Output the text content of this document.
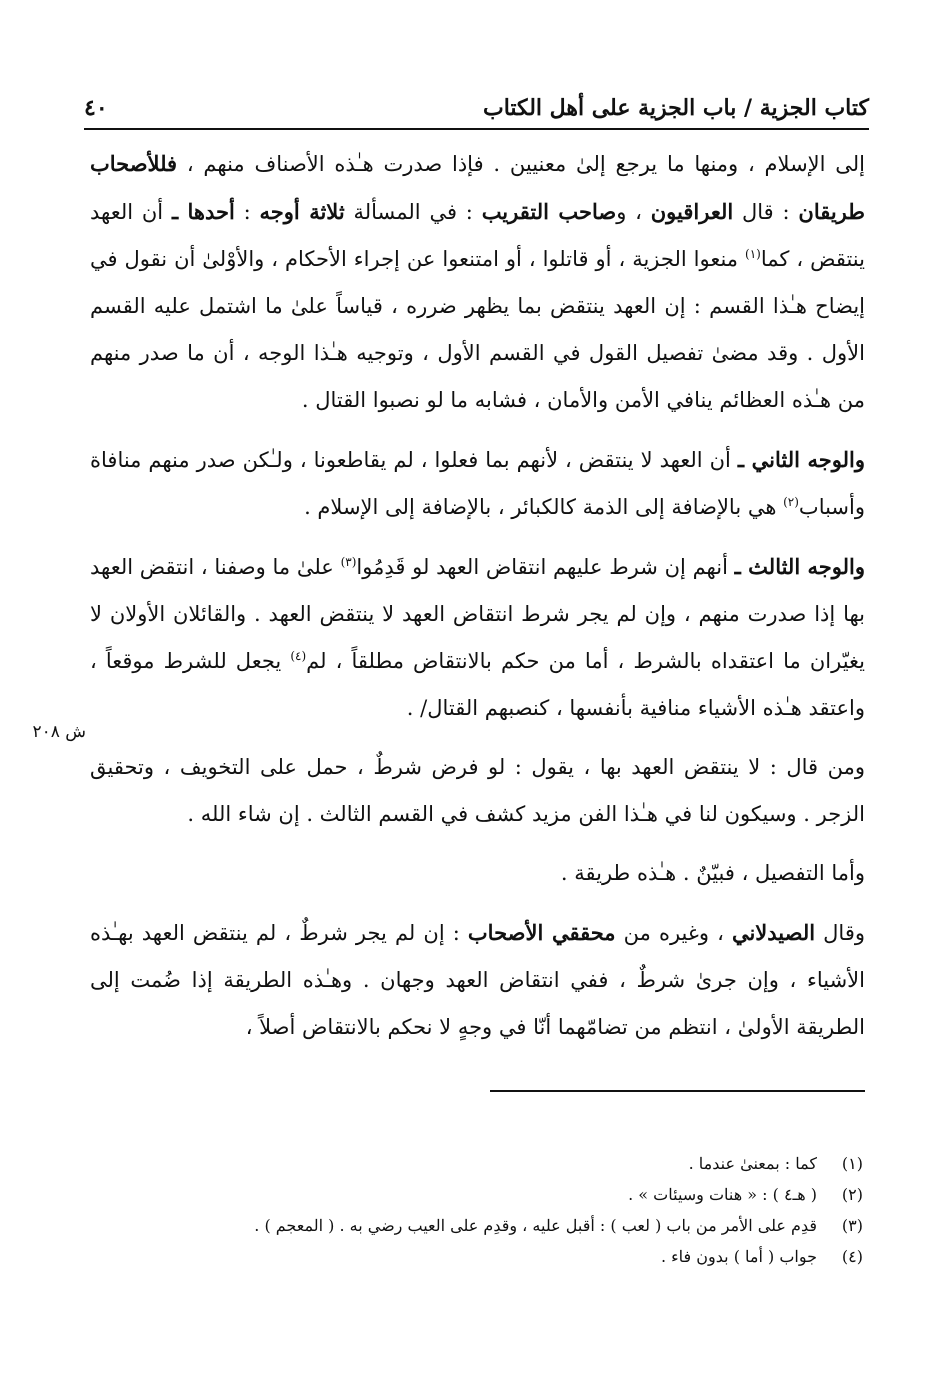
كتاب الجزية / باب الجزية على أهل الكتاب
٤٠
ش ٢٠٨

إلى الإسلام ، ومنها ما يرجع إلىٰ معنيين . فإذا صدرت هـٰذه الأصناف منهم ، فللأصحاب طريقان : قال العراقيون ، وصاحب التقريب : في المسألة ثلاثة أوجه : أحدها ـ أن العهد ينتقض ، كما$^{(١)}$ منعوا الجزية ، أو قاتلوا ، أو امتنعوا عن إجراء الأحكام ، والأوْلىٰ أن نقول في إيضاح هـٰذا القسم : إن العهد ينتقض بما يظهر ضرره ، قياساً علىٰ ما اشتمل عليه القسم الأول . وقد مضىٰ تفصيل القول في القسم الأول ، وتوجيه هـٰذا الوجه ، أن ما صدر منهم من هـٰذه العظائم ينافي الأمن والأمان ، فشابه ما لو نصبوا القتال .

والوجه الثاني ـ أن العهد لا ينتقض ، لأنهم بما فعلوا ، لم يقاطعونا ، ولـٰكن صدر منهم منافاة وأسباب$^{(٢)}$ هي بالإضافة إلى الذمة كالكبائر ، بالإضافة إلى الإسلام .

والوجه الثالث ـ أنهم إن شرط عليهم انتقاض العهد لو قَدِمُوا$^{(٣)}$ علىٰ ما وصفنا ، انتقض العهد بها إذا صدرت منهم ، وإن لم يجر شرط انتقاض العهد لا ينتقض العهد . والقائلان الأولان لا يغيّران ما اعتقداه بالشرط ، أما من حكم بالانتقاض مطلقاً ، لم$^{(٤)}$ يجعل للشرط موقعاً ، واعتقد هـٰذه الأشياء منافية بأنفسها ، كنصبهم القتال/ .

ومن قال : لا ينتقض العهد بها ، يقول : لو فرض شرطٌ ، حمل على التخويف ، وتحقيق الزجر . وسيكون لنا في هـٰذا الفن مزيد كشف في القسم الثالث . إن شاء الله .

وأما التفصيل ، فبيّنٌ . هـٰذه طريقة .

وقال الصيدلاني ، وغيره من محققي الأصحاب : إن لم يجر شرطٌ ، لم ينتقض العهد بهـٰذه الأشياء ، وإن جرىٰ شرطٌ ، ففي انتقاض العهد وجهان . وهـٰذه الطريقة إذا ضُمت إلى الطريقة الأولىٰ ، انتظم من تضامّهما أنّا في وجهٍ لا نحكم بالانتقاض أصلاً ،

(١)
كما : بمعنىٰ عندما .
(٢)
( هـ٤ ) : « هنات وسيئات » .
(٣)
قدِم على الأمر من باب ( لعب ) : أقبل عليه ، وقدِم على العيب رضي به . ( المعجم ) .
(٤)
جواب ( أما ) بدون فاء .
